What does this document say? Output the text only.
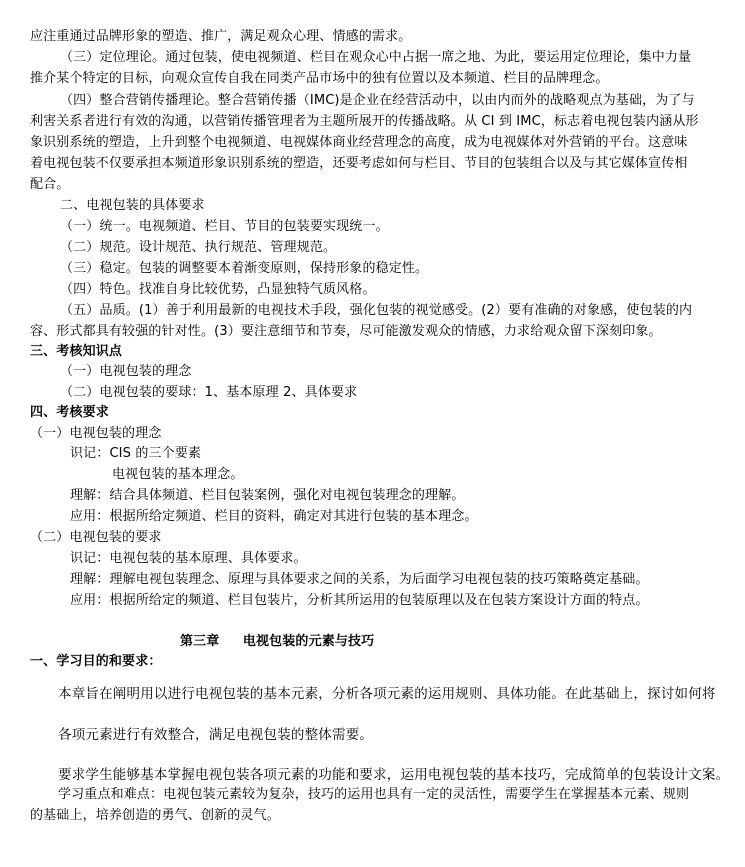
应注重通过品牌形象的塑造、推广，满足观众心理、情感的需求。
（三）定位理论。通过包装，使电视频道、栏目在观众心中占据一席之地、为此，要运用定位理论，集中力量
推介某个特定的目标，向观众宣传自我在同类产品市场中的独有位置以及本频道、栏目的品牌理念。
（四）整合营销传播理论。整合营销传播（IMC)是企业在经营活动中，以由内而外的战略观点为基础，为了与
利害关系者进行有效的沟通，以营销传播管理者为主题所展开的传播战略。从 CI 到 IMC，标志着电视包装内涵从形
象识别系统的塑造，上升到整个电视频道、电视媒体商业经营理念的高度，成为电视媒体对外营销的平台。这意味
着电视包装不仅要承担本频道形象识别系统的塑造，还要考虑如何与栏目、节目的包装组合以及与其它媒体宣传相
配合。
二、电视包装的具体要求
（一）统一。电视频道、栏目、节目的包装要实现统一。
（二）规范。设计规范、执行规范、管理规范。
（三）稳定。包装的调整要本着渐变原则，保持形象的稳定性。
（四）特色。找准自身比较优势，凸显独特气质风格。
（五）品质。(1）善于利用最新的电视技术手段，强化包装的视觉感受。(2）要有准确的对象感，使包装的内
容、形式都具有较强的针对性。(3）要注意细节和节奏，尽可能激发观众的情感，力求给观众留下深刻印象。
三、考核知识点
（一）电视包装的理念
（二）电视包装的要球：1、基本原理 2、具体要求
四、考核要求
（一）电视包装的理念
识记：CIS 的三个要素
电视包装的基本理念。
理解：结合具体频道、栏目包装案例，强化对电视包装理念的理解。
应用：根据所给定频道、栏目的资料，确定对其进行包装的基本理念。
（二）电视包装的要求
识记：电视包装的基本原理、具体要求。
理解：理解电视包装理念、原理与具体要求之间的关系，为后面学习电视包装的技巧策略奠定基础。
应用：根据所给定的频道、栏目包装片，分析其所运用的包装原理以及在包装方案设计方面的特点。
第三章     电视包装的元素与技巧
一、学习目的和要求：
本章旨在阐明用以进行电视包装的基本元素，分析各项元素的运用规则、具体功能。在此基础上，探讨如何将
各项元素进行有效整合，满足电视包装的整体需要。
要求学生能够基本掌握电视包装各项元素的功能和要求，运用电视包装的基本技巧，完成简单的包装设计文案。
学习重点和难点：电视包装元素较为复杂，技巧的运用也具有一定的灵活性，需要学生在掌握基本元素、规则
的基础上，培养创造的勇气、创新的灵气。
